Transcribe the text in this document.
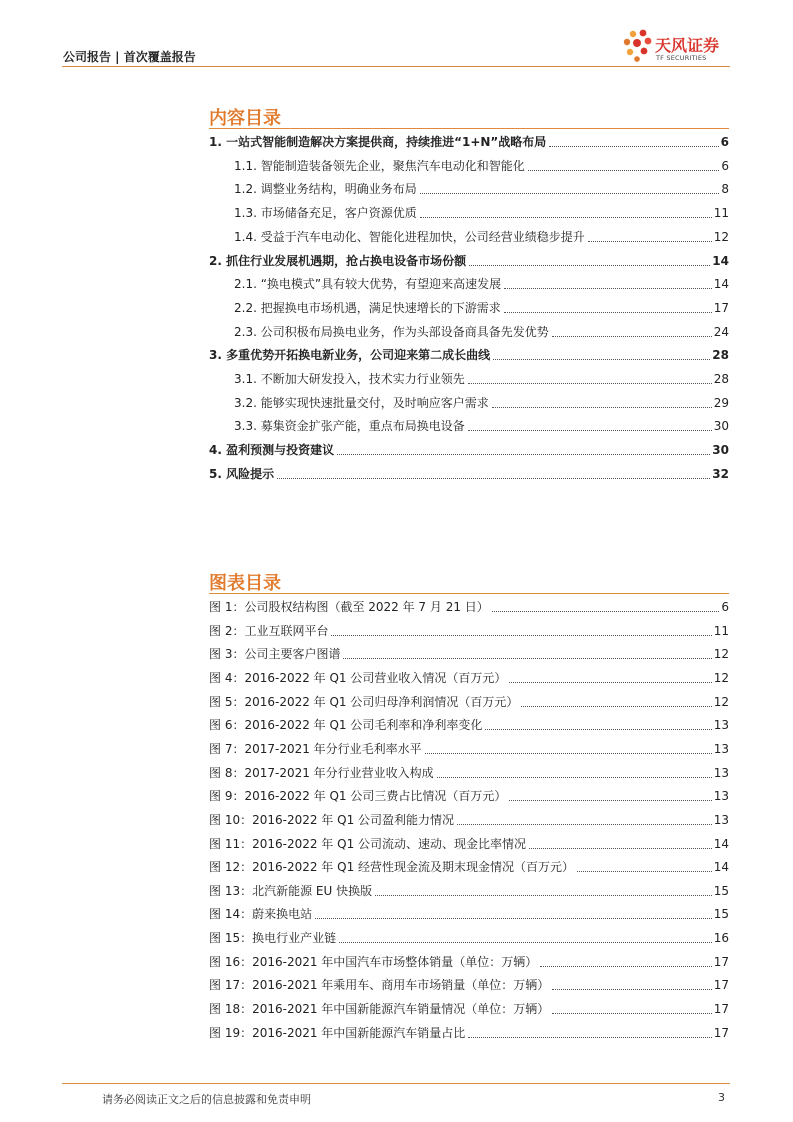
公司报告 | 首次覆盖报告
天风证券
TF SECURITIES
内容目录
1. 一站式智能制造解决方案提供商，持续推进“1+N”战略布局	6
1.1. 智能制造装备领先企业，聚焦汽车电动化和智能化	6
1.2. 调整业务结构，明确业务布局	8
1.3. 市场储备充足，客户资源优质	11
1.4. 受益于汽车电动化、智能化进程加快，公司经营业绩稳步提升	12
2. 抓住行业发展机遇期，抢占换电设备市场份额	14
2.1. “换电模式”具有较大优势，有望迎来高速发展	14
2.2. 把握换电市场机遇，满足快速增长的下游需求	17
2.3. 公司积极布局换电业务，作为头部设备商具备先发优势	24
3. 多重优势开拓换电新业务，公司迎来第二成长曲线	28
3.1. 不断加大研发投入，技术实力行业领先	28
3.2. 能够实现快速批量交付，及时响应客户需求	29
3.3. 募集资金扩张产能，重点布局换电设备	30
4. 盈利预测与投资建议	30
5. 风险提示	32
图表目录
图 1：公司股权结构图（截至 2022 年 7 月 21 日）	6
图 2：工业互联网平台	11
图 3：公司主要客户图谱	12
图 4：2016-2022 年 Q1 公司营业收入情况（百万元）	12
图 5：2016-2022 年 Q1 公司归母净利润情况（百万元）	12
图 6：2016-2022 年 Q1 公司毛利率和净利率变化	13
图 7：2017-2021 年分行业毛利率水平	13
图 8：2017-2021 年分行业营业收入构成	13
图 9：2016-2022 年 Q1 公司三费占比情况（百万元）	13
图 10：2016-2022 年 Q1 公司盈利能力情况	13
图 11：2016-2022 年 Q1 公司流动、速动、现金比率情况	14
图 12：2016-2022 年 Q1 经营性现金流及期末现金情况（百万元）	14
图 13：北汽新能源 EU 快换版	15
图 14：蔚来换电站	15
图 15：换电行业产业链	16
图 16：2016-2021 年中国汽车市场整体销量（单位：万辆）	17
图 17：2016-2021 年乘用车、商用车市场销量（单位：万辆）	17
图 18：2016-2021 年中国新能源汽车销量情况（单位：万辆）	17
图 19：2016-2021 年中国新能源汽车销量占比	17
请务必阅读正文之后的信息披露和免责申明	3
